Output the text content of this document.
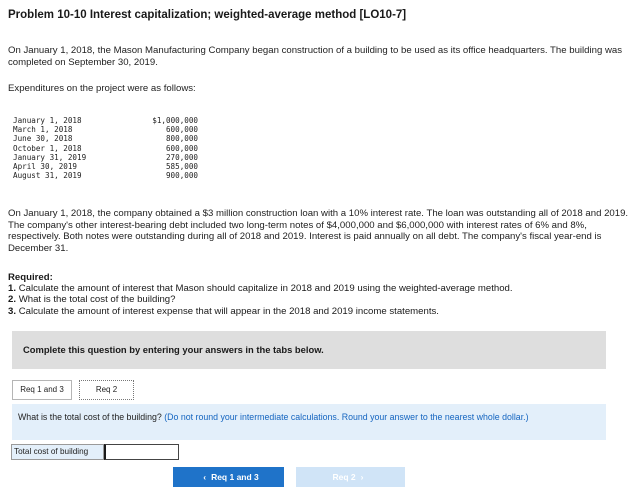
Problem 10-10 Interest capitalization; weighted-average method [LO10-7]
On January 1, 2018, the Mason Manufacturing Company began construction of a building to be used as its office headquarters. The building was completed on September 30, 2019.
Expenditures on the project were as follows:
January 1, 2018	$1,000,000
March 1, 2018	600,000
June 30, 2018	800,000
October 1, 2018	600,000
January 31, 2019	270,000
April 30, 2019	585,000
August 31, 2019	900,000
On January 1, 2018, the company obtained a $3 million construction loan with a 10% interest rate. The loan was outstanding all of 2018 and 2019. The company's other interest-bearing debt included two long-term notes of $4,000,000 and $6,000,000 with interest rates of 6% and 8%, respectively. Both notes were outstanding during all of 2018 and 2019. Interest is paid annually on all debt. The company's fiscal year-end is December 31.
Required:
1. Calculate the amount of interest that Mason should capitalize in 2018 and 2019 using the weighted-average method.
2. What is the total cost of the building?
3. Calculate the amount of interest expense that will appear in the 2018 and 2019 income statements.
Complete this question by entering your answers in the tabs below.
Req 1 and 3	Req 2
What is the total cost of the building? (Do not round your intermediate calculations. Round your answer to the nearest whole dollar.)
Total cost of building
‹ Req 1 and 3	Req 2 ›
